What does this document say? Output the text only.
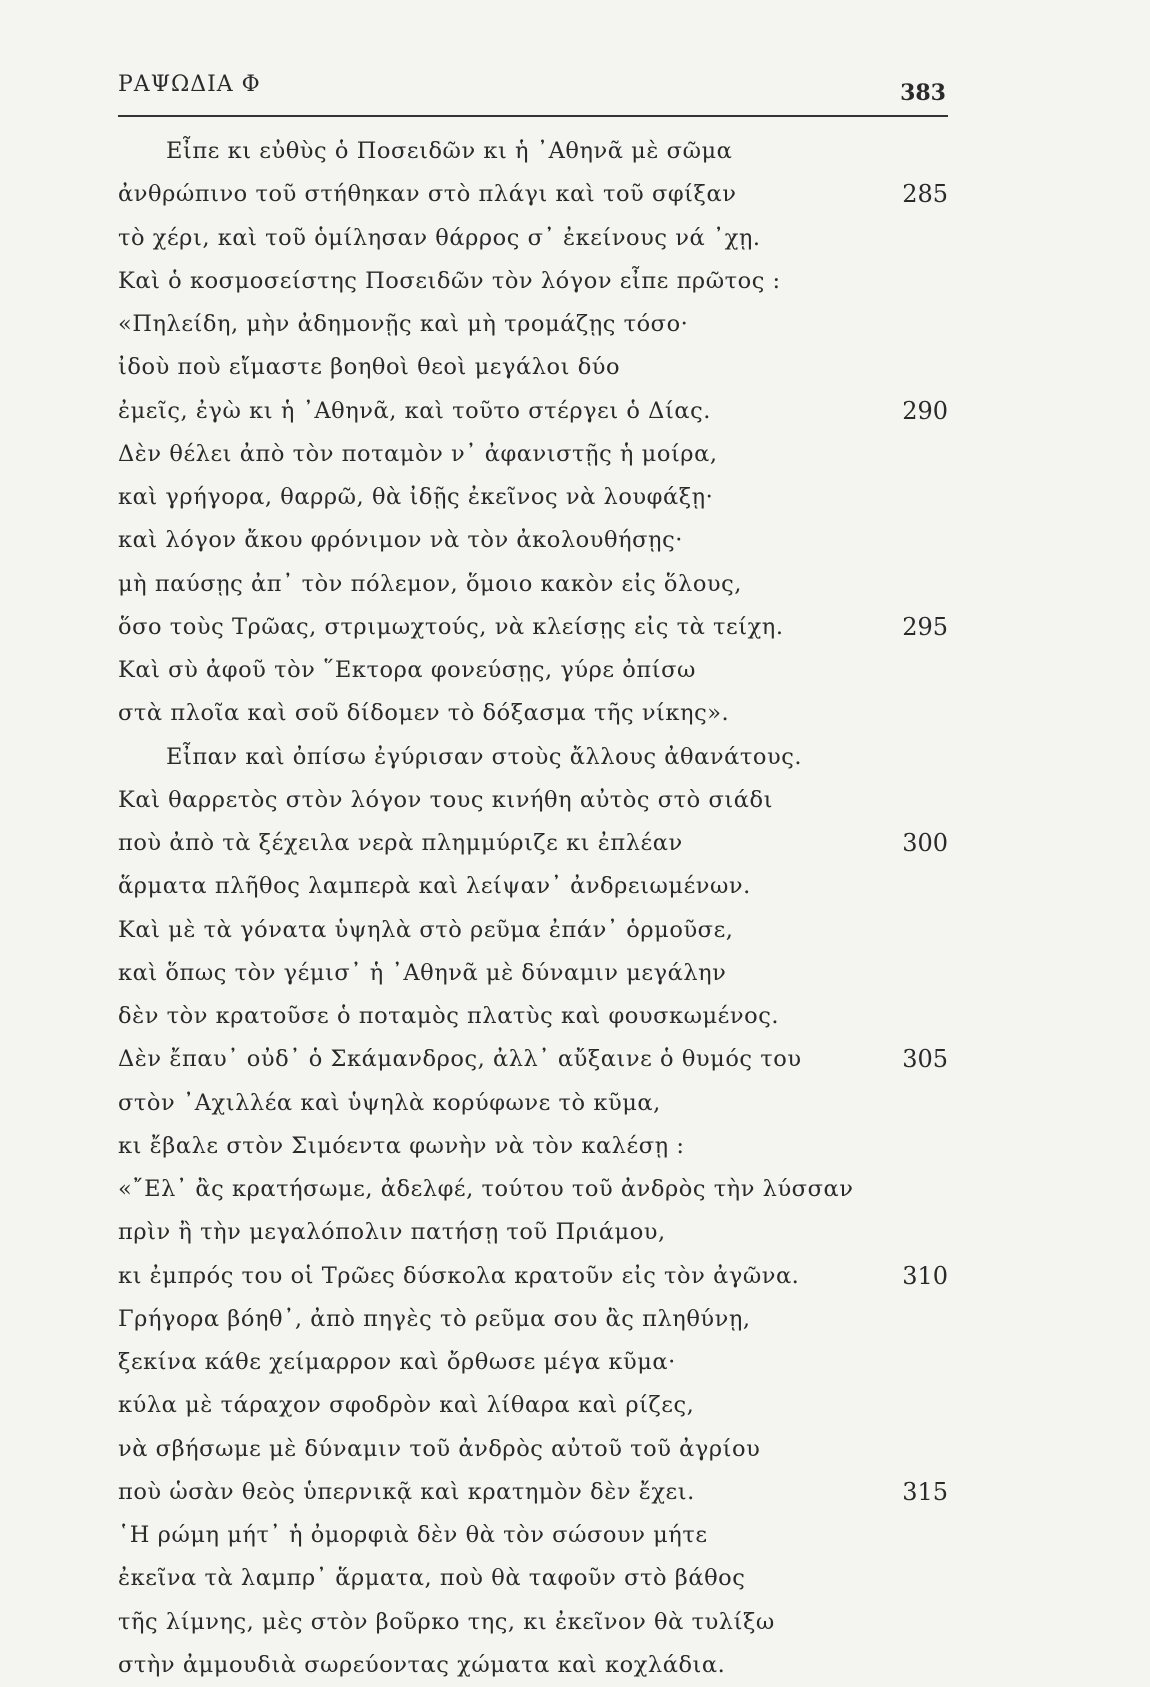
ΡΑΨΩΔΙΑ Φ	383
Εἶπε κι εὐθὺς ὁ Ποσειδῶν κι ἡ ᾿Αθηνᾶ μὲ σῶμα
ἀνθρώπινο τοῦ στήθηκαν στὸ πλάγι καὶ τοῦ σφίξαν	285
τὸ χέρι, καὶ τοῦ ὁμίλησαν θάρρος σ᾿ ἐκείνους νά ᾿χῃ.
Καὶ ὁ κοσμοσείστης Ποσειδῶν τὸν λόγον εἶπε πρῶτος :
«Πηλείδη, μὴν ἀδημονῇς καὶ μὴ τρομάζῃς τόσο·
ἰδοὺ ποὺ εἴμαστε βοηθοὶ θεοὶ μεγάλοι δύο
ἐμεῖς, ἐγὼ κι ἡ ᾿Αθηνᾶ, καὶ τοῦτο στέργει ὁ Δίας.	290
Δὲν θέλει ἀπὸ τὸν ποταμὸν ν᾿ ἀφανιστῇς ἡ μοίρα,
καὶ γρήγορα, θαρρῶ, θὰ ἰδῇς ἐκεῖνος νὰ λουφάξῃ·
καὶ λόγον ἄκου φρόνιμον νὰ τὸν ἀκολουθήσῃς·
μὴ παύσῃς ἀπ᾿ τὸν πόλεμον, ὅμοιο κακὸν εἰς ὅλους,
ὅσο τοὺς Τρῶας, στριμωχτούς, νὰ κλείσῃς εἰς τὰ τείχη.	295
Καὶ σὺ ἀφοῦ τὸν ῞Εκτορα φονεύσῃς, γύρε ὀπίσω
στὰ πλοῖα καὶ σοῦ δίδομεν τὸ δόξασμα τῆς νίκης».
Εἶπαν καὶ ὀπίσω ἐγύρισαν στοὺς ἄλλους ἀθανάτους.
Καὶ θαρρετὸς στὸν λόγον τους κινήθη αὐτὸς στὸ σιάδι
ποὺ ἀπὸ τὰ ξέχειλα νερὰ πλημμύριζε κι ἐπλέαν	300
ἅρματα πλῆθος λαμπερὰ καὶ λείψαν᾿ ἀνδρειωμένων.
Καὶ μὲ τὰ γόνατα ὑψηλὰ στὸ ρεῦμα ἐπάν᾿ ὁρμοῦσε,
καὶ ὅπως τὸν γέμισ᾿ ἡ ᾿Αθηνᾶ μὲ δύναμιν μεγάλην
δὲν τὸν κρατοῦσε ὁ ποταμὸς πλατὺς καὶ φουσκωμένος.
Δὲν ἔπαυ᾿ οὐδ᾿ ὁ Σκάμανδρος, ἀλλ᾿ αὔξαινε ὁ θυμός του	305
στὸν ᾿Αχιλλέα καὶ ὑψηλὰ κορύφωνε τὸ κῦμα,
κι ἔβαλε στὸν Σιμόεντα φωνὴν νὰ τὸν καλέσῃ :
«῎Ελ᾿ ἂς κρατήσωμε, ἀδελφέ, τούτου τοῦ ἀνδρὸς τὴν λύσσαν
πρὶν ἢ τὴν μεγαλόπολιν πατήσῃ τοῦ Πριάμου,
κι ἐμπρός του οἱ Τρῶες δύσκολα κρατοῦν εἰς τὸν ἀγῶνα.	310
Γρήγορα βόηθ᾿, ἀπὸ πηγὲς τὸ ρεῦμα σου ἂς πληθύνῃ,
ξεκίνα κάθε χείμαρρον καὶ ὄρθωσε μέγα κῦμα·
κύλα μὲ τάραχον σφοδρὸν καὶ λίθαρα καὶ ρίζες,
νὰ σβήσωμε μὲ δύναμιν τοῦ ἀνδρὸς αὐτοῦ τοῦ ἀγρίου
ποὺ ὡσὰν θεὸς ὑπερνικᾷ καὶ κρατημὸν δὲν ἔχει.	315
῾Η ρώμη μήτ᾿ ἡ ὀμορφιὰ δὲν θὰ τὸν σώσουν μήτε
ἐκεῖνα τὰ λαμπρ᾿ ἅρματα, ποὺ θὰ ταφοῦν στὸ βάθος
τῆς λίμνης, μὲς στὸν βοῦρκο της, κι ἐκεῖνον θὰ τυλίξω
στὴν ἀμμουδιὰ σωρεύοντας χώματα καὶ κοχλάδια.
